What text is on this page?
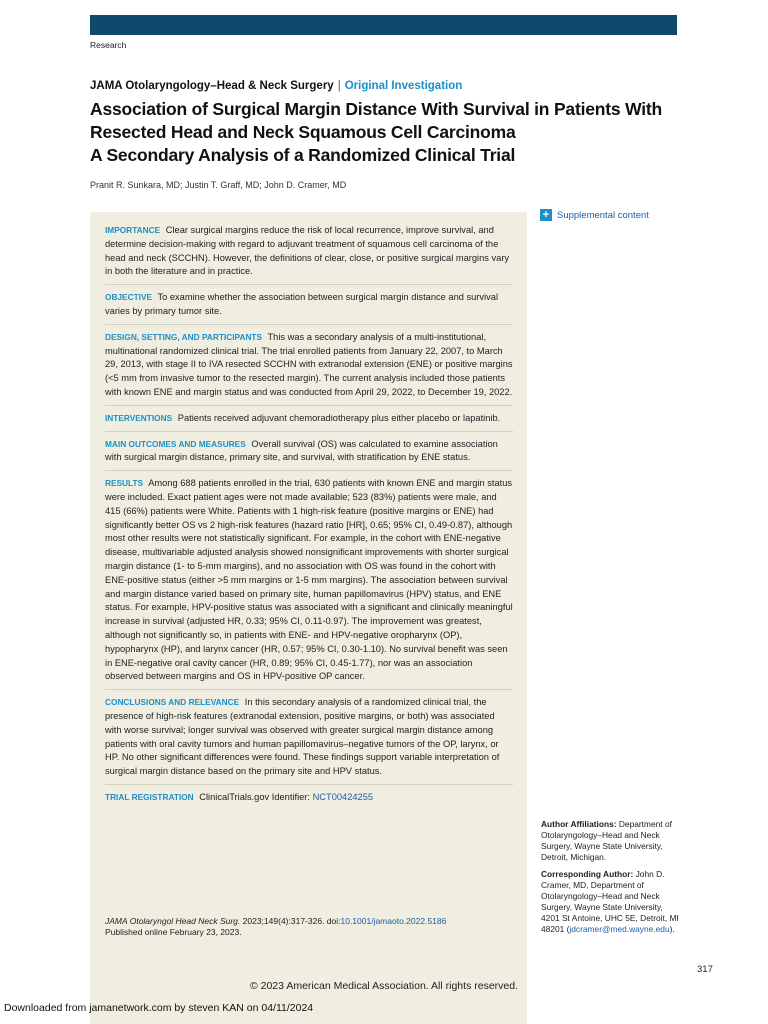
Research
JAMA Otolaryngology–Head & Neck Surgery | Original Investigation
Association of Surgical Margin Distance With Survival in Patients With Resected Head and Neck Squamous Cell Carcinoma
A Secondary Analysis of a Randomized Clinical Trial
Pranit R. Sunkara, MD; Justin T. Graff, MD; John D. Cramer, MD
IMPORTANCE Clear surgical margins reduce the risk of local recurrence, improve survival, and determine decision-making with regard to adjuvant treatment of squamous cell carcinoma of the head and neck (SCCHN). However, the definitions of clear, close, or positive surgical margins vary in both the literature and in practice.
OBJECTIVE To examine whether the association between surgical margin distance and survival varies by primary tumor site.
DESIGN, SETTING, AND PARTICIPANTS This was a secondary analysis of a multi-institutional, multinational randomized clinical trial. The trial enrolled patients from January 22, 2007, to March 29, 2013, with stage II to IVA resected SCCHN with extranodal extension (ENE) or positive margins (<5 mm from invasive tumor to the resected margin). The current analysis included those patients with known ENE and margin status and was conducted from April 29, 2022, to December 19, 2022.
INTERVENTIONS Patients received adjuvant chemoradiotherapy plus either placebo or lapatinib.
MAIN OUTCOMES AND MEASURES Overall survival (OS) was calculated to examine association with surgical margin distance, primary site, and survival, with stratification by ENE status.
RESULTS Among 688 patients enrolled in the trial, 630 patients with known ENE and margin status were included. Exact patient ages were not made available; 523 (83%) patients were male, and 415 (66%) patients were White. Patients with 1 high-risk feature (positive margins or ENE) had significantly better OS vs 2 high-risk features (hazard ratio [HR], 0.65; 95% CI, 0.49-0.87), although most other results were not statistically significant. For example, in the cohort with ENE-negative disease, multivariable adjusted analysis showed nonsignificant improvements with shorter surgical margin distance (1- to 5-mm margins), and no association with OS was found in the cohort with ENE-positive status (either >5 mm margins or 1-5 mm margins). The association between survival and margin distance varied based on primary site, human papillomavirus (HPV) status, and ENE status. For example, HPV-positive status was associated with a significant and clinically meaningful increase in survival (adjusted HR, 0.33; 95% CI, 0.11-0.97). The improvement was greatest, although not significantly so, in patients with ENE- and HPV-negative oropharynx (OP), hypopharynx (HP), and larynx cancer (HR, 0.57; 95% CI, 0.30-1.10). No survival benefit was seen in ENE-negative oral cavity cancer (HR, 0.89; 95% CI, 0.45-1.77), nor was an association observed between margins and OS in HPV-positive OP cancer.
CONCLUSIONS AND RELEVANCE In this secondary analysis of a randomized clinical trial, the presence of high-risk features (extranodal extension, positive margins, or both) was associated with worse survival; longer survival was observed with greater surgical margin distance among patients with oral cavity tumors and human papillomavirus–negative tumors of the OP, larynx, or HP. No other significant differences were found. These findings support variable interpretation of surgical margin distance based on the primary site and HPV status.
TRIAL REGISTRATION ClinicalTrials.gov Identifier: NCT00424255
JAMA Otolaryngol Head Neck Surg. 2023;149(4):317-326. doi:10.1001/jamaoto.2022.5186
Published online February 23, 2023.
+ Supplemental content

Author Affiliations: Department of Otolaryngology–Head and Neck Surgery, Wayne State University, Detroit, Michigan.

Corresponding Author: John D. Cramer, MD, Department of Otolaryngology–Head and Neck Surgery, Wayne State University, 4201 St Antoine, UHC 5E, Detroit, MI 48201 (jdcramer@med.wayne.edu).

317
© 2023 American Medical Association. All rights reserved.
Downloaded from jamanetwork.com by steven KAN on 04/11/2024
